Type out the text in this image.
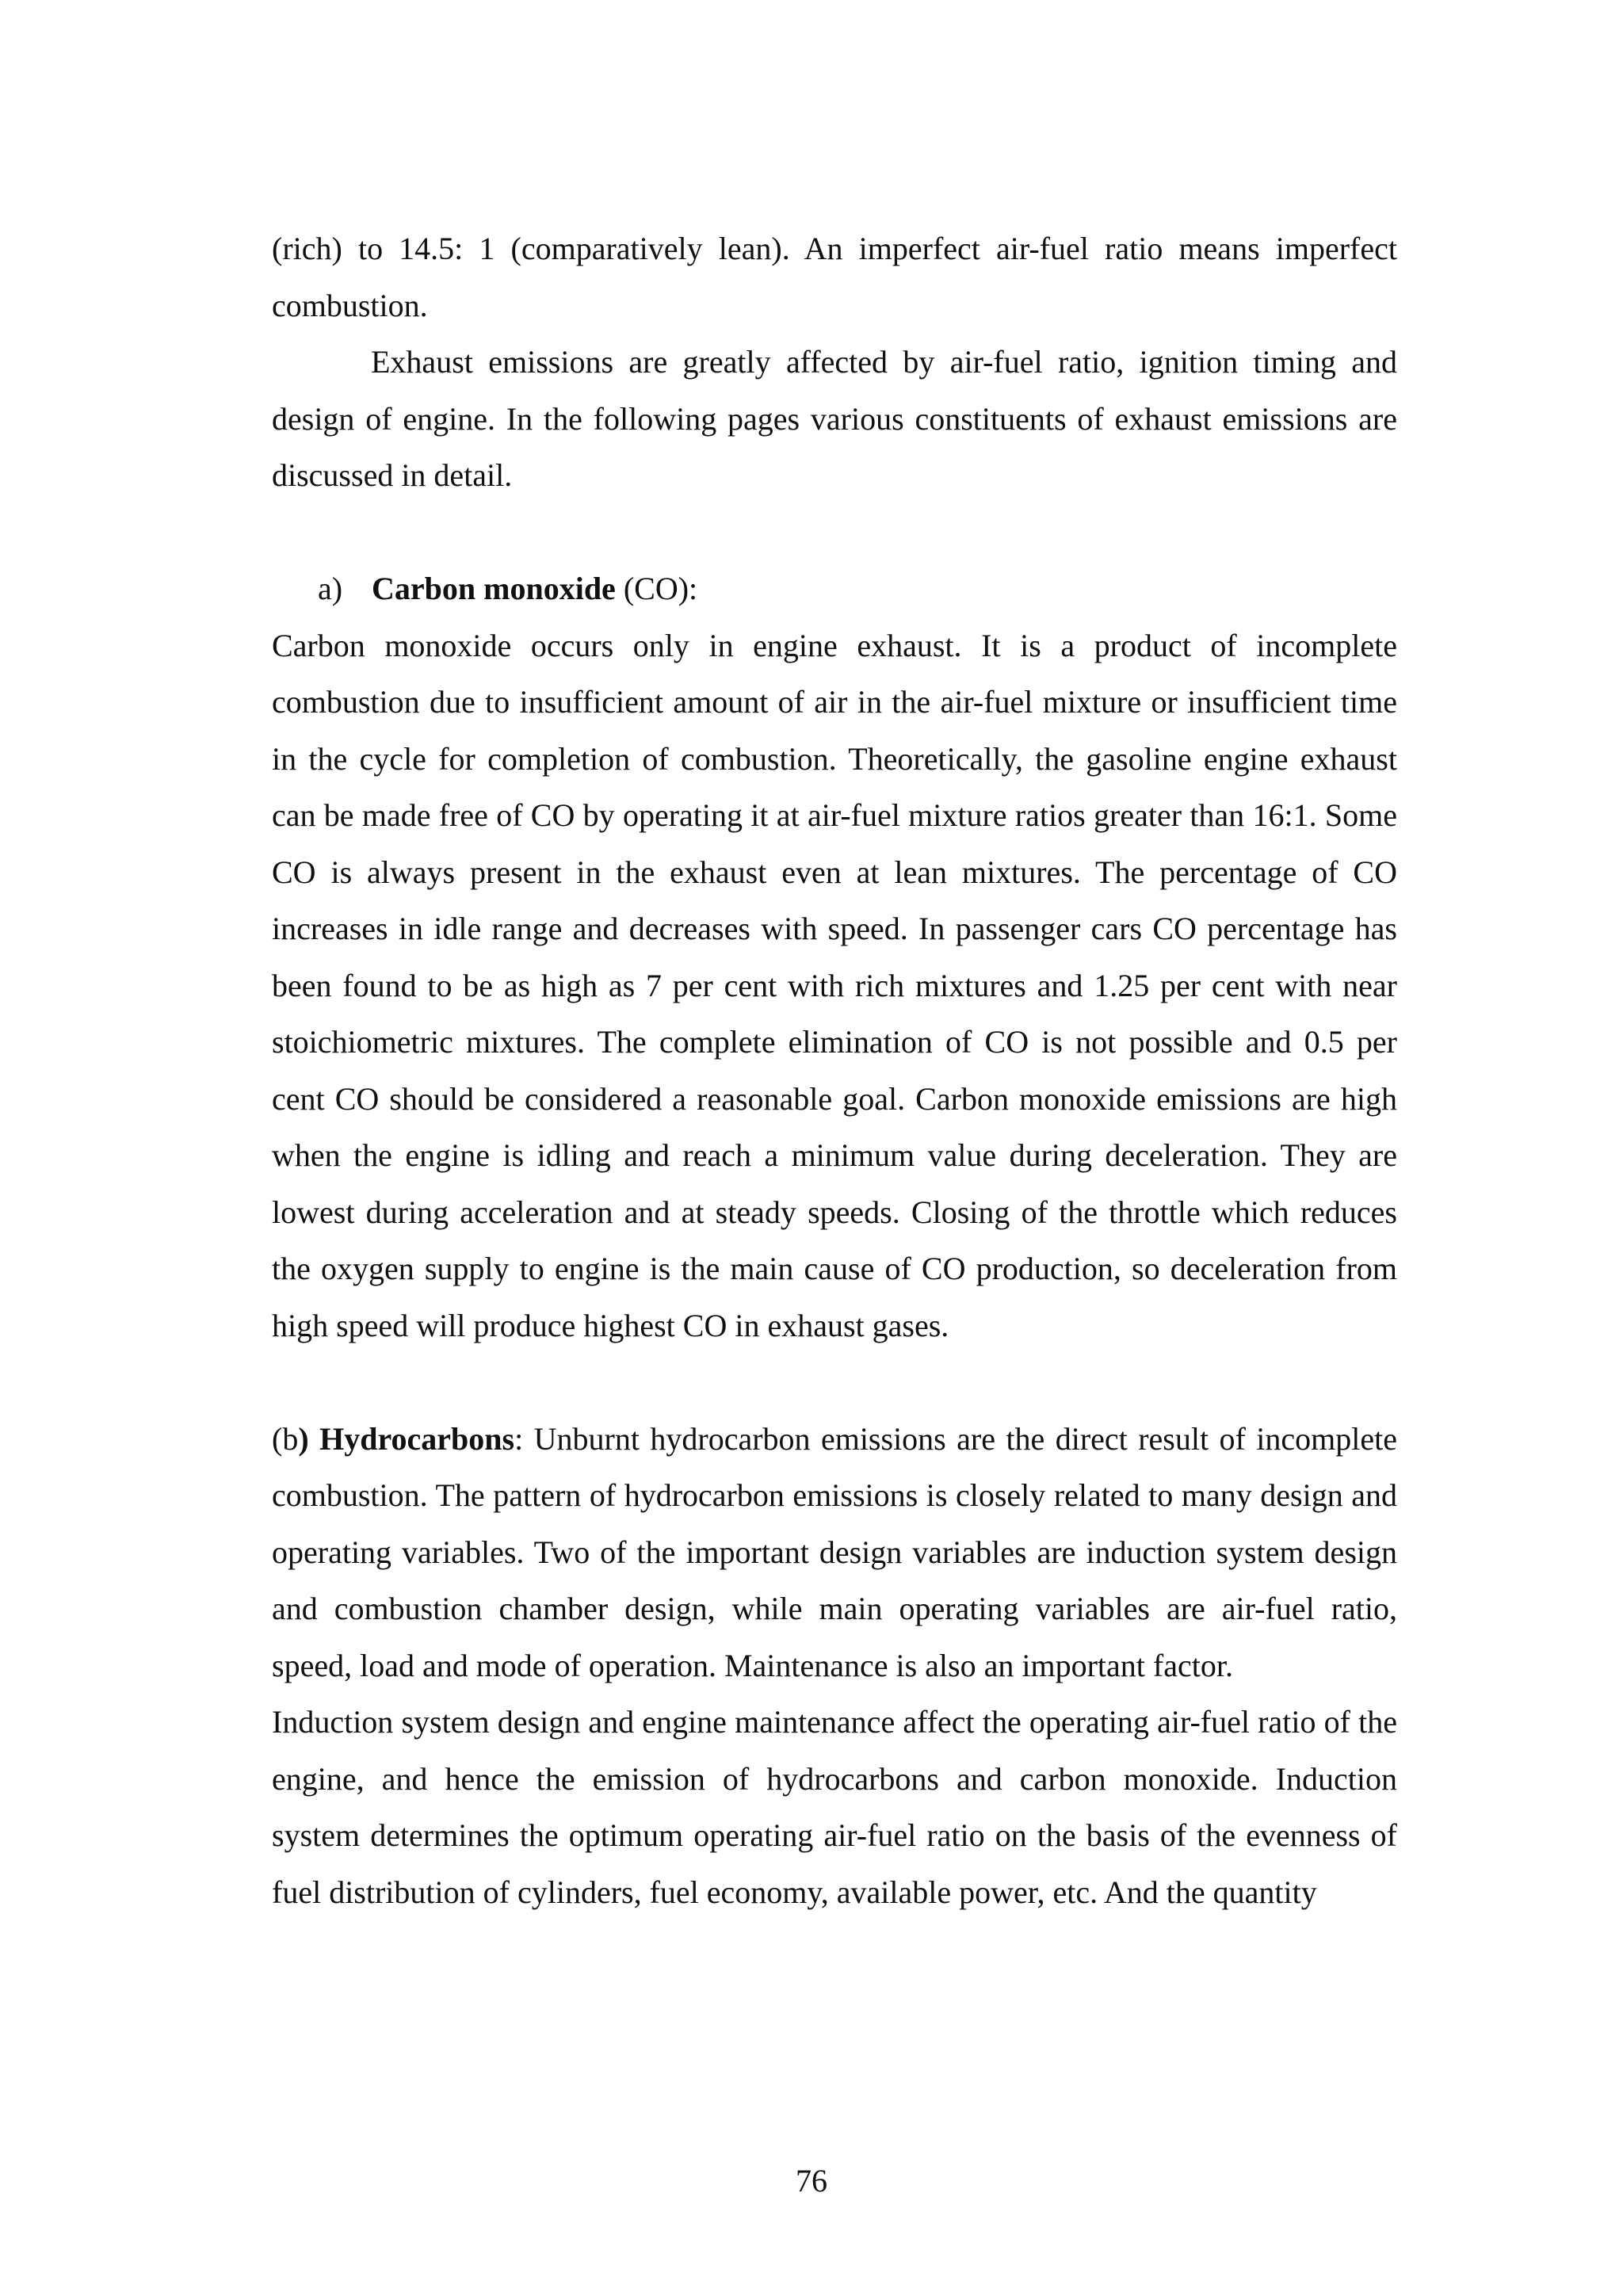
(rich) to 14.5: 1 (comparatively lean). An imperfect air-fuel ratio means imperfect combustion.

Exhaust emissions are greatly affected by air-fuel ratio, ignition timing and design of engine. In the following pages various constituents of exhaust emissions are discussed in detail.

a) Carbon monoxide (CO):

Carbon monoxide occurs only in engine exhaust. It is a product of incomplete combustion due to insufficient amount of air in the air-fuel mixture or insufficient time in the cycle for completion of combustion. Theoretically, the gasoline engine exhaust can be made free of CO by operating it at air-fuel mixture ratios greater than 16:1. Some CO is always present in the exhaust even at lean mixtures. The percentage of CO increases in idle range and decreases with speed. In passenger cars CO percentage has been found to be as high as 7 per cent with rich mixtures and 1.25 per cent with near stoichiometric mixtures. The complete elimination of CO is not possible and 0.5 per cent CO should be considered a reasonable goal. Carbon monoxide emissions are high when the engine is idling and reach a minimum value during deceleration. They are lowest during acceleration and at steady speeds. Closing of the throttle which reduces the oxygen supply to engine is the main cause of CO production, so deceleration from high speed will produce highest CO in exhaust gases.

(b) Hydrocarbons: Unburnt hydrocarbon emissions are the direct result of incomplete combustion. The pattern of hydrocarbon emissions is closely related to many design and operating variables. Two of the important design variables are induction system design and combustion chamber design, while main operating variables are air-fuel ratio, speed, load and mode of operation. Maintenance is also an important factor.

Induction system design and engine maintenance affect the operating air-fuel ratio of the engine, and hence the emission of hydrocarbons and carbon monoxide. Induction system determines the optimum operating air-fuel ratio on the basis of the evenness of fuel distribution of cylinders, fuel economy, available power, etc. And the quantity

76
